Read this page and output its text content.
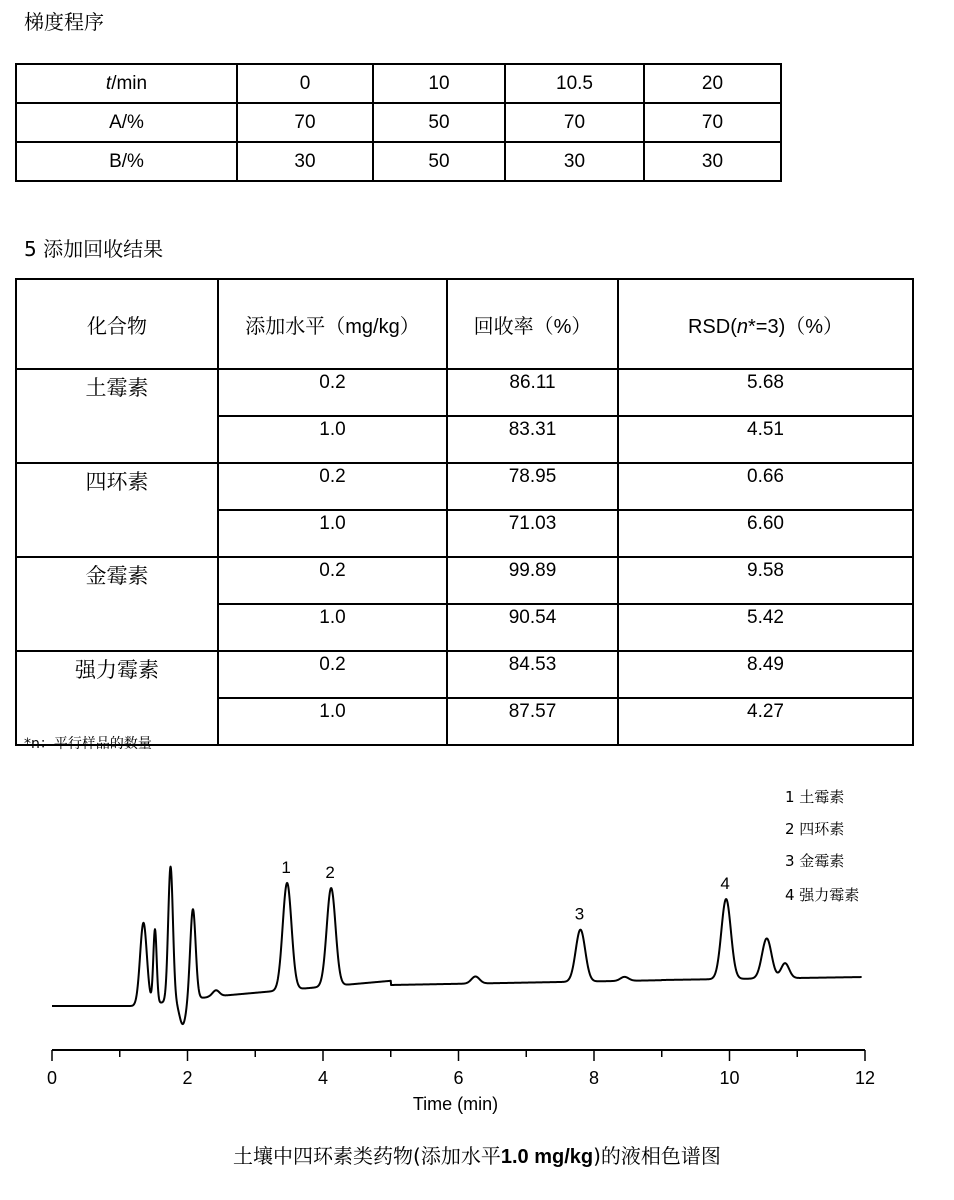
梯度程序
t/min	0	10	10.5	20
A/%	70	50	70	70
B/%	30	50	30	30
5 添加回收结果
化合物	添加水平（mg/kg）	回收率（%）	RSD(n*=3)（%）
土霉素	0.2	86.11	5.68
	1.0	83.31	4.51
四环素	0.2	78.95	0.66
	1.0	71.03	6.60
金霉素	0.2	99.89	9.58
	1.0	90.54	5.42
强力霉素	0.2	84.53	8.49
	1.0	87.57	4.27
*n：平行样品的数量
1 土霉素
2 四环素
3 金霉素
4 强力霉素
0	2	4	6	8	10	12
1 2
3
4
Time (min)
土壤中四环素类药物(添加水平1.0 mg/kg)的液相色谱图
